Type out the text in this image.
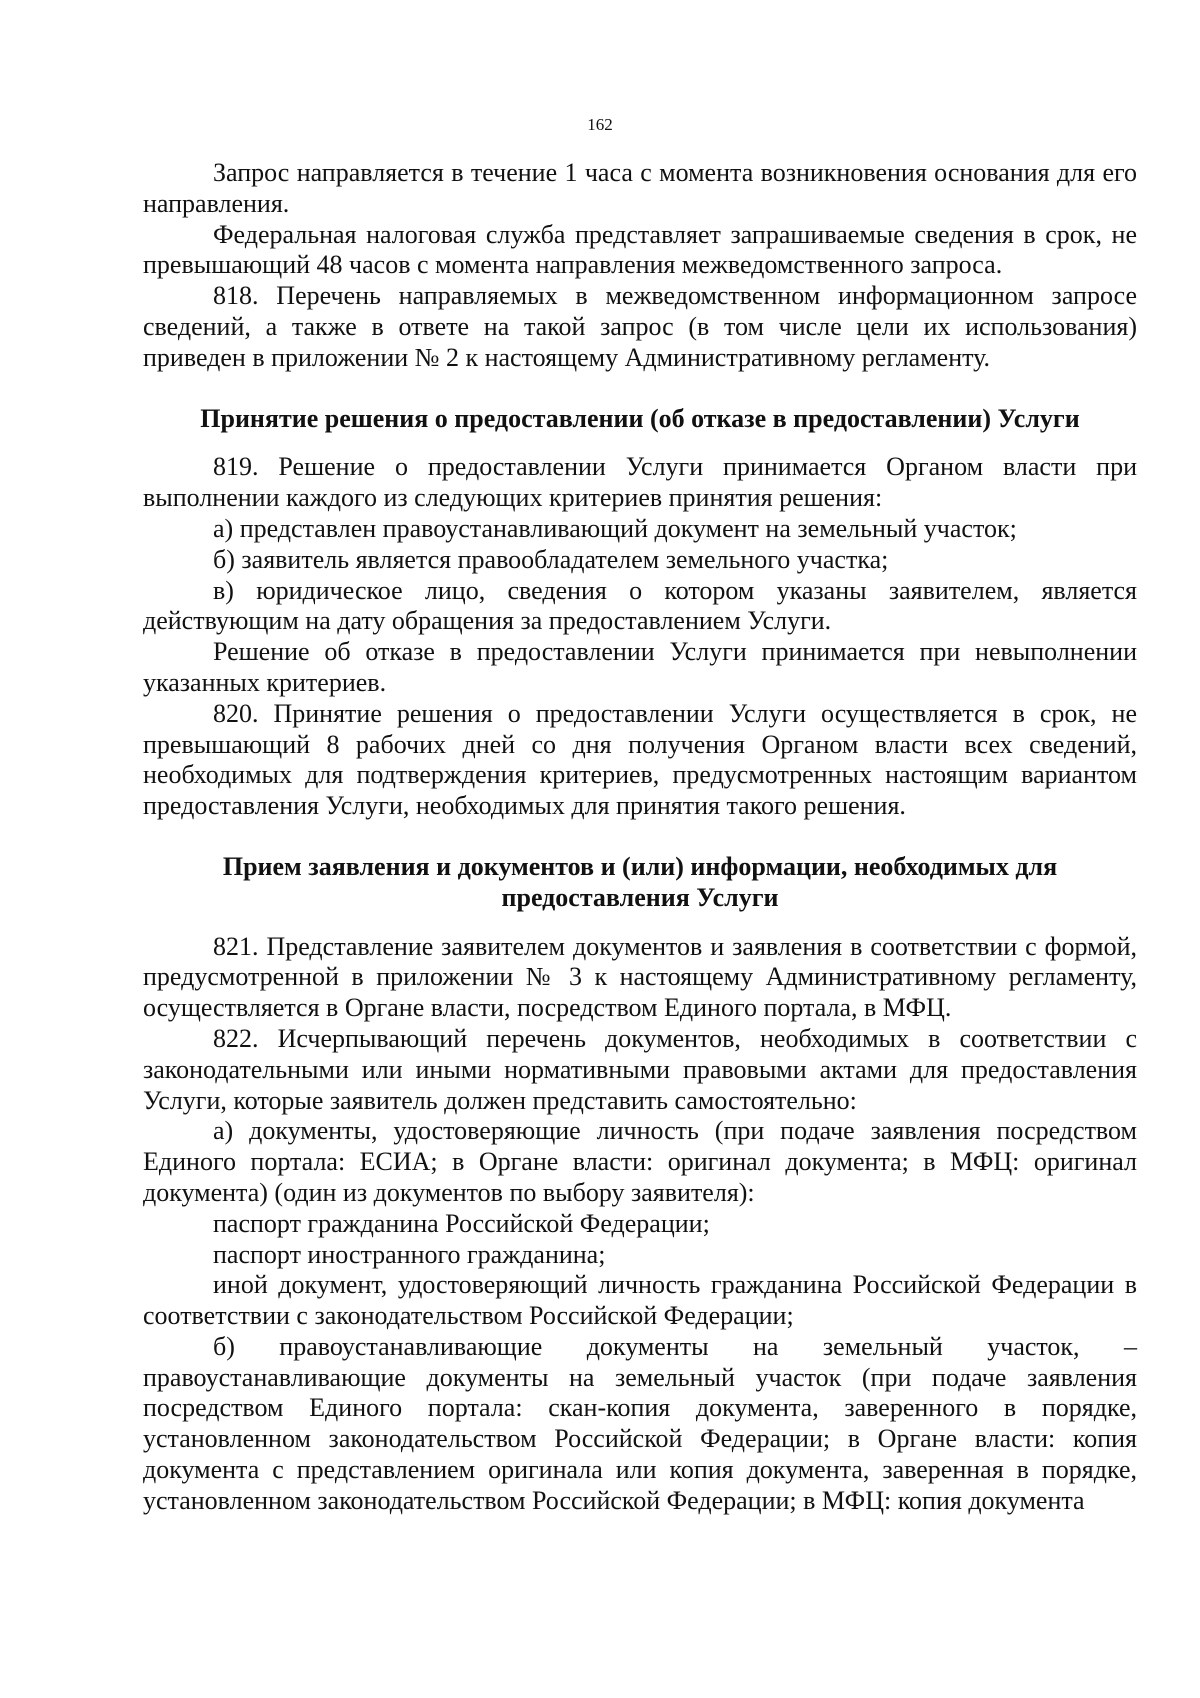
162

Запрос направляется в течение 1 часа с момента возникновения основания для его направления.

Федеральная налоговая служба представляет запрашиваемые сведения в срок, не превышающий 48 часов с момента направления межведомственного запроса.

818. Перечень направляемых в межведомственном информационном запросе сведений, а также в ответе на такой запрос (в том числе цели их использования) приведен в приложении № 2 к настоящему Административному регламенту.

Принятие решения о предоставлении (об отказе в предоставлении) Услуги

819. Решение о предоставлении Услуги принимается Органом власти при выполнении каждого из следующих критериев принятия решения:

а) представлен правоустанавливающий документ на земельный участок;

б) заявитель является правообладателем земельного участка;

в) юридическое лицо, сведения о котором указаны заявителем, является действующим на дату обращения за предоставлением Услуги.

Решение об отказе в предоставлении Услуги принимается при невыполнении указанных критериев.

820. Принятие решения о предоставлении Услуги осуществляется в срок, не превышающий 8 рабочих дней со дня получения Органом власти всех сведений, необходимых для подтверждения критериев, предусмотренных настоящим вариантом предоставления Услуги, необходимых для принятия такого решения.

Прием заявления и документов и (или) информации, необходимых для предоставления Услуги

821. Представление заявителем документов и заявления в соответствии с формой, предусмотренной в приложении № 3 к настоящему Административному регламенту, осуществляется в Органе власти, посредством Единого портала, в МФЦ.

822. Исчерпывающий перечень документов, необходимых в соответствии с законодательными или иными нормативными правовыми актами для предоставления Услуги, которые заявитель должен представить самостоятельно:

а) документы, удостоверяющие личность (при подаче заявления посредством Единого портала: ЕСИА; в Органе власти: оригинал документа; в МФЦ: оригинал документа) (один из документов по выбору заявителя):

паспорт гражданина Российской Федерации;

паспорт иностранного гражданина;

иной документ, удостоверяющий личность гражданина Российской Федерации в соответствии с законодательством Российской Федерации;

б) правоустанавливающие документы на земельный участок, – правоустанавливающие документы на земельный участок (при подаче заявления посредством Единого портала: скан-копия документа, заверенного в порядке, установленном законодательством Российской Федерации; в Органе власти: копия документа с представлением оригинала или копия документа, заверенная в порядке, установленном законодательством Российской Федерации; в МФЦ: копия документа
